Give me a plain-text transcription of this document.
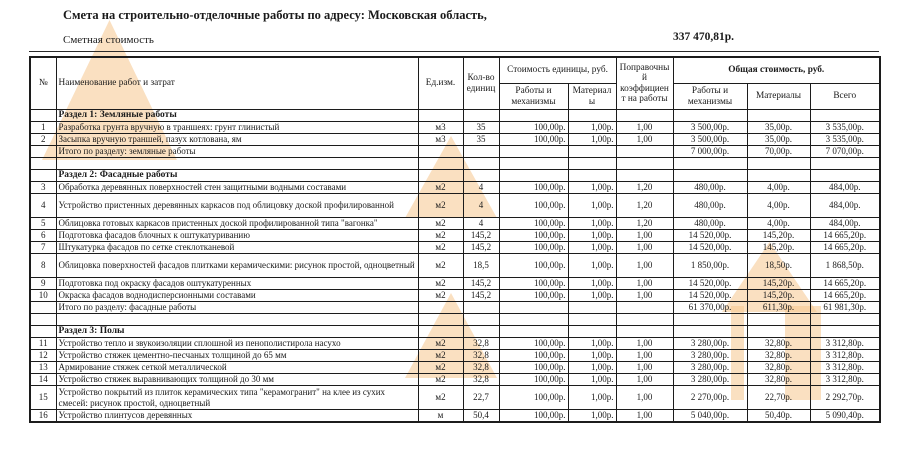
Смета на строительно-отделочные работы по адресу: Московская область,
Сметная стоимость	337 470,81р.
№	Наименование работ и затрат	Ед.изм.	Кол-во единиц	Стоимость единицы, руб.		Поправочный коэффициент на работы	Общая стоимость, руб.		
				Работы и механизмы	Материалы		Работы и механизмы	Материалы	Всего
	Раздел 1: Земляные работы								
1	Разработка грунта вручную в траншеях: грунт глинистый	м3	35	100,00р.	1,00р.	1,00	3 500,00р.	35,00р.	3 535,00р.
2	Засыпка вручную траншей, пазух котлована, ям	м3	35	100,00р.	1,00р.	1,00	3 500,00р.	35,00р.	3 535,00р.
	Итого по разделу: земляные работы						7 000,00р.	70,00р.	7 070,00р.

	Раздел 2: Фасадные работы								
3	Обработка деревянных поверхностей стен защитными водными составами	м2	4	100,00р.	1,00р.	1,20	480,00р.	4,00р.	484,00р.
4	Устройство пристенных деревянных каркасов под облицовку доской профилированной	м2	4	100,00р.	1,00р.	1,20	480,00р.	4,00р.	484,00р.
5	Облицовка готовых каркасов пристенных доской профилированной типа "вагонка"	м2	4	100,00р.	1,00р.	1,20	480,00р.	4,00р.	484,00р.
6	Подготовка фасадов блочных к оштукатуриванию	м2	145,2	100,00р.	1,00р.	1,00	14 520,00р.	145,20р.	14 665,20р.
7	Штукатурка фасадов по сетке стеклотканевой	м2	145,2	100,00р.	1,00р.	1,00	14 520,00р.	145,20р.	14 665,20р.
8	Облицовка поверхностей фасадов плитками керамическими: рисунок простой, одноцветный	м2	18,5	100,00р.	1,00р.	1,00	1 850,00р.	18,50р.	1 868,50р.
9	Подготовка под окраску фасадов оштукатуренных	м2	145,2	100,00р.	1,00р.	1,00	14 520,00р.	145,20р.	14 665,20р.
10	Окраска фасадов воднодисперсионными составами	м2	145,2	100,00р.	1,00р.	1,00	14 520,00р.	145,20р.	14 665,20р.
	Итого по разделу: фасадные работы						61 370,00р.	611,30р.	61 981,30р.

	Раздел 3: Полы								
11	Устройство тепло и звукоизоляции сплошной из пенополистирола насухо	м2	32,8	100,00р.	1,00р.	1,00	3 280,00р.	32,80р.	3 312,80р.
12	Устройство стяжек цементно-песчаных толщиной до 65 мм	м2	32,8	100,00р.	1,00р.	1,00	3 280,00р.	32,80р.	3 312,80р.
13	Армирование стяжек сеткой металлической	м2	32,8	100,00р.	1,00р.	1,00	3 280,00р.	32,80р.	3 312,80р.
14	Устройство стяжек выравнивающих толщиной до 30 мм	м2	32,8	100,00р.	1,00р.	1,00	3 280,00р.	32,80р.	3 312,80р.
15	Устройство покрытий из плиток керамических типа "керамогранит" на клее из сухих смесей: рисунок простой, одноцветный	м2	22,7	100,00р.	1,00р.	1,00	2 270,00р.	22,70р.	2 292,70р.
16	Устройство плинтусов деревянных	м	50,4	100,00р.	1,00р.	1,00	5 040,00р.	50,40р.	5 090,40р.
